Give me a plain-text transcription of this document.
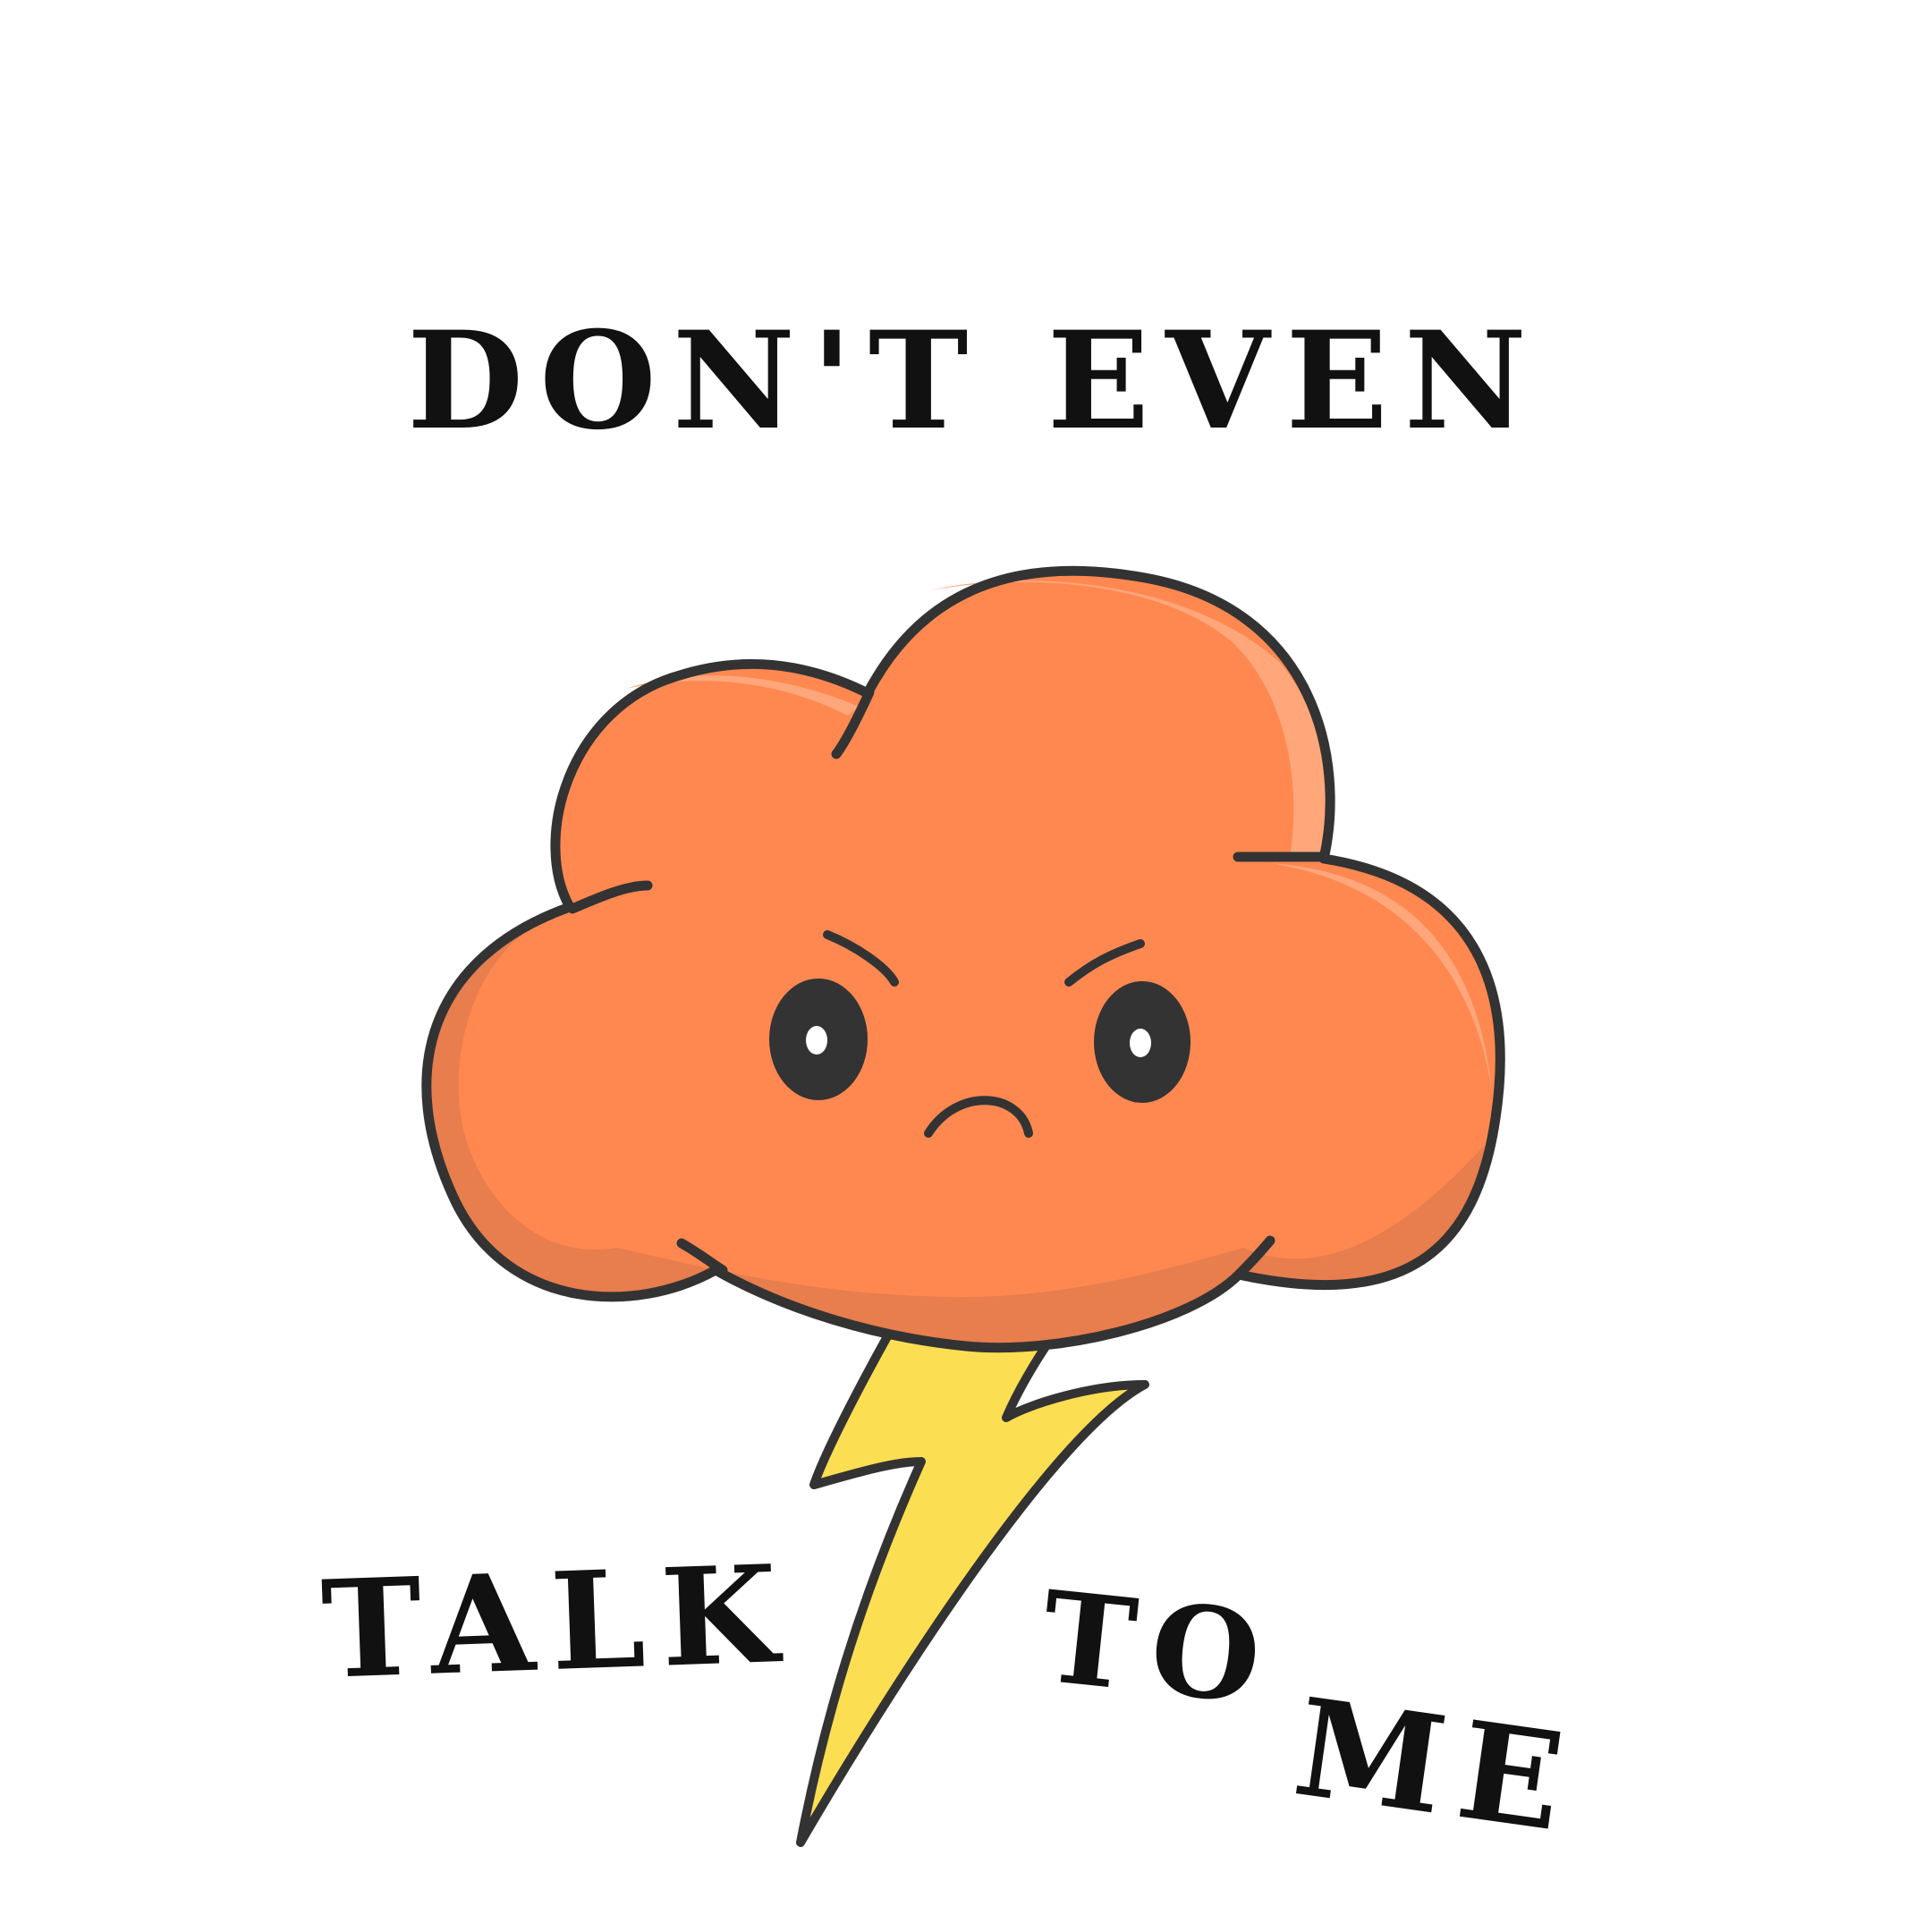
DON'T EVEN
TALK TO
ME
